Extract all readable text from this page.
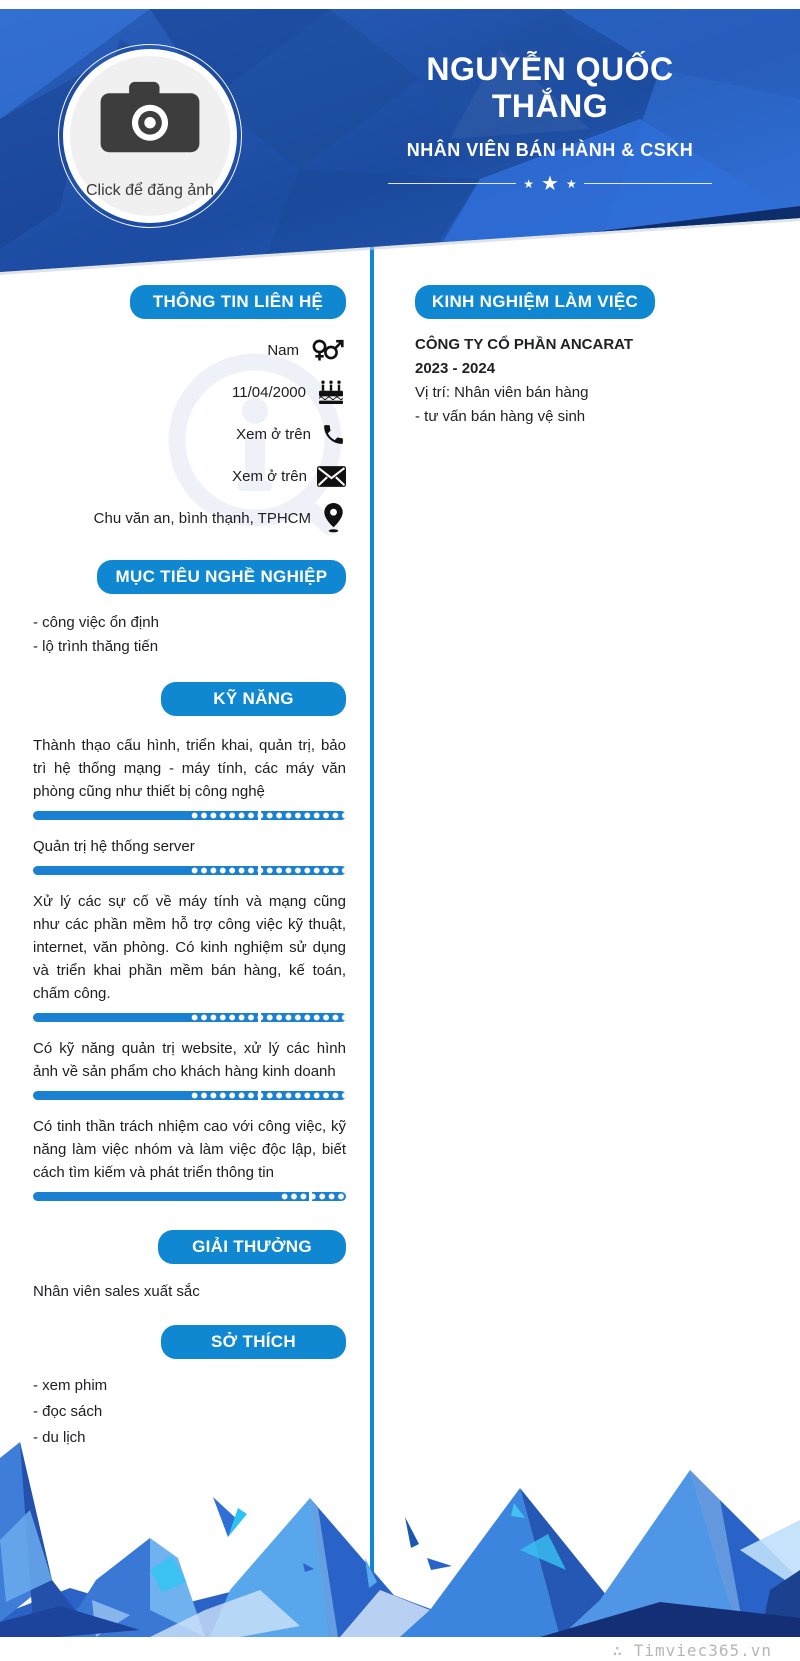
Click để đăng ảnh
NGUYỄN QUỐC THẮNG
NHÂN VIÊN BÁN HÀNH & CSKH
★ ★ ★
THÔNG TIN LIÊN HỆ
Nam
11/04/2000
Xem ở trên
Xem ở trên
Chu văn an, bình thạnh, TPHCM
MỤC TIÊU NGHỀ NGHIỆP

- công việc ổn định

- lộ trình thăng tiến

KỸ NĂNG

Thành thạo cấu hình, triển khai, quản trị, bảo trì hệ thống mạng - máy tính, các máy văn phòng cũng như thiết bị công nghệ

Quản trị hệ thống server

Xử lý các sự cố về máy tính và mạng cũng như các phần mềm hỗ trợ công việc kỹ thuật, internet, văn phòng. Có kinh nghiệm sử dụng và triển khai phần mềm bán hàng, kế toán, chấm công.

Có kỹ năng quản trị website, xử lý các hình ảnh về sản phẩm cho khách hàng kinh doanh

Có tinh thần trách nhiệm cao với công việc, kỹ năng làm việc nhóm và làm việc độc lập, biết cách tìm kiếm và phát triển thông tin

GIẢI THƯỞNG

Nhân viên sales xuất sắc

SỞ THÍCH

- xem phim

- đọc sách

- du lịch

KINH NGHIỆM LÀM VIỆC

CÔNG TY CỔ PHẦN ANCARAT

2023 - 2024

Vị trí: Nhân viên bán hàng

- tư vấn bán hàng vệ sinh

∴ Timviec365.vn
